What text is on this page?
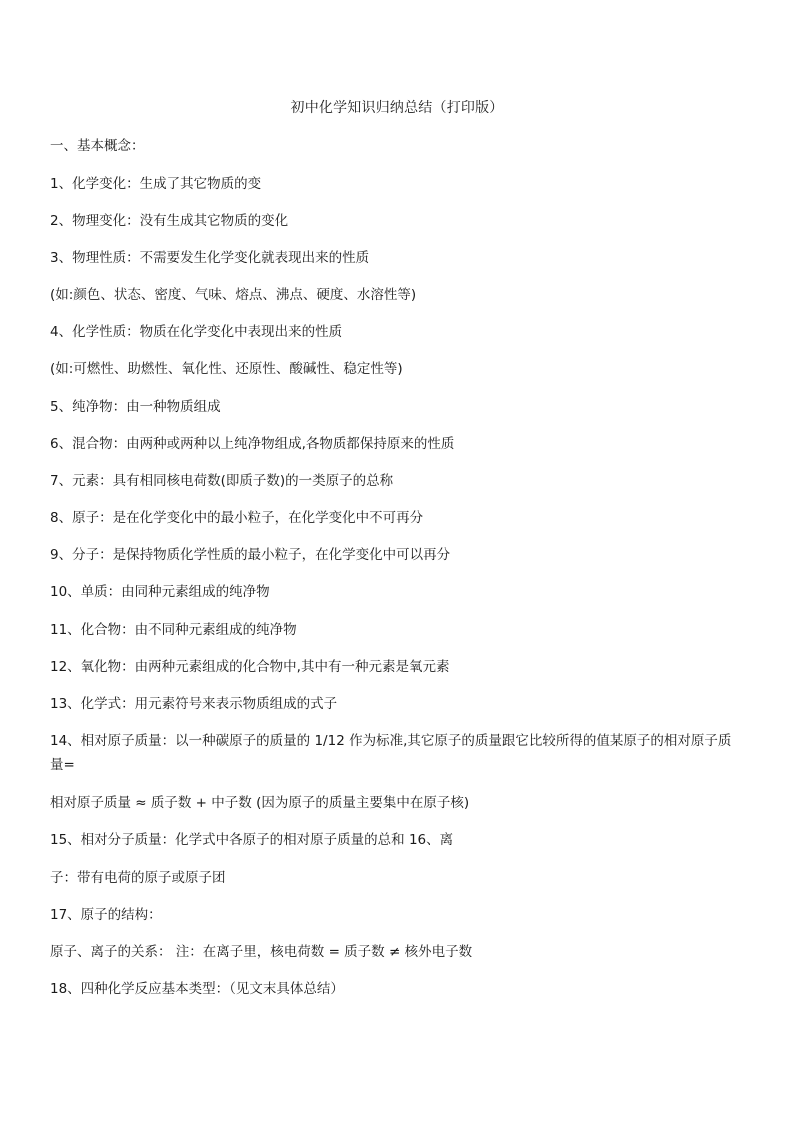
初中化学知识归纳总结（打印版）
一、基本概念：
1、化学变化：生成了其它物质的变
2、物理变化：没有生成其它物质的变化
3、物理性质：不需要发生化学变化就表现出来的性质
(如:颜色、状态、密度、气味、熔点、沸点、硬度、水溶性等)
4、化学性质：物质在化学变化中表现出来的性质
(如:可燃性、助燃性、氧化性、还原性、酸碱性、稳定性等)
5、纯净物：由一种物质组成
6、混合物：由两种或两种以上纯净物组成,各物质都保持原来的性质
7、元素：具有相同核电荷数(即质子数)的一类原子的总称
8、原子：是在化学变化中的最小粒子，在化学变化中不可再分
9、分子：是保持物质化学性质的最小粒子，在化学变化中可以再分
10、单质：由同种元素组成的纯净物
11、化合物：由不同种元素组成的纯净物
12、氧化物：由两种元素组成的化合物中,其中有一种元素是氧元素
13、化学式：用元素符号来表示物质组成的式子
14、相对原子质量：以一种碳原子的质量的 1/12 作为标准,其它原子的质量跟它比较所得的值某原子的相对原子质量=
相对原子质量 ≈ 质子数 + 中子数 (因为原子的质量主要集中在原子核)
15、相对分子质量：化学式中各原子的相对原子质量的总和 16、离
子：带有电荷的原子或原子团
17、原子的结构：
原子、离子的关系： 注：在离子里，核电荷数 = 质子数 ≠ 核外电子数
18、四种化学反应基本类型：（见文末具体总结）
